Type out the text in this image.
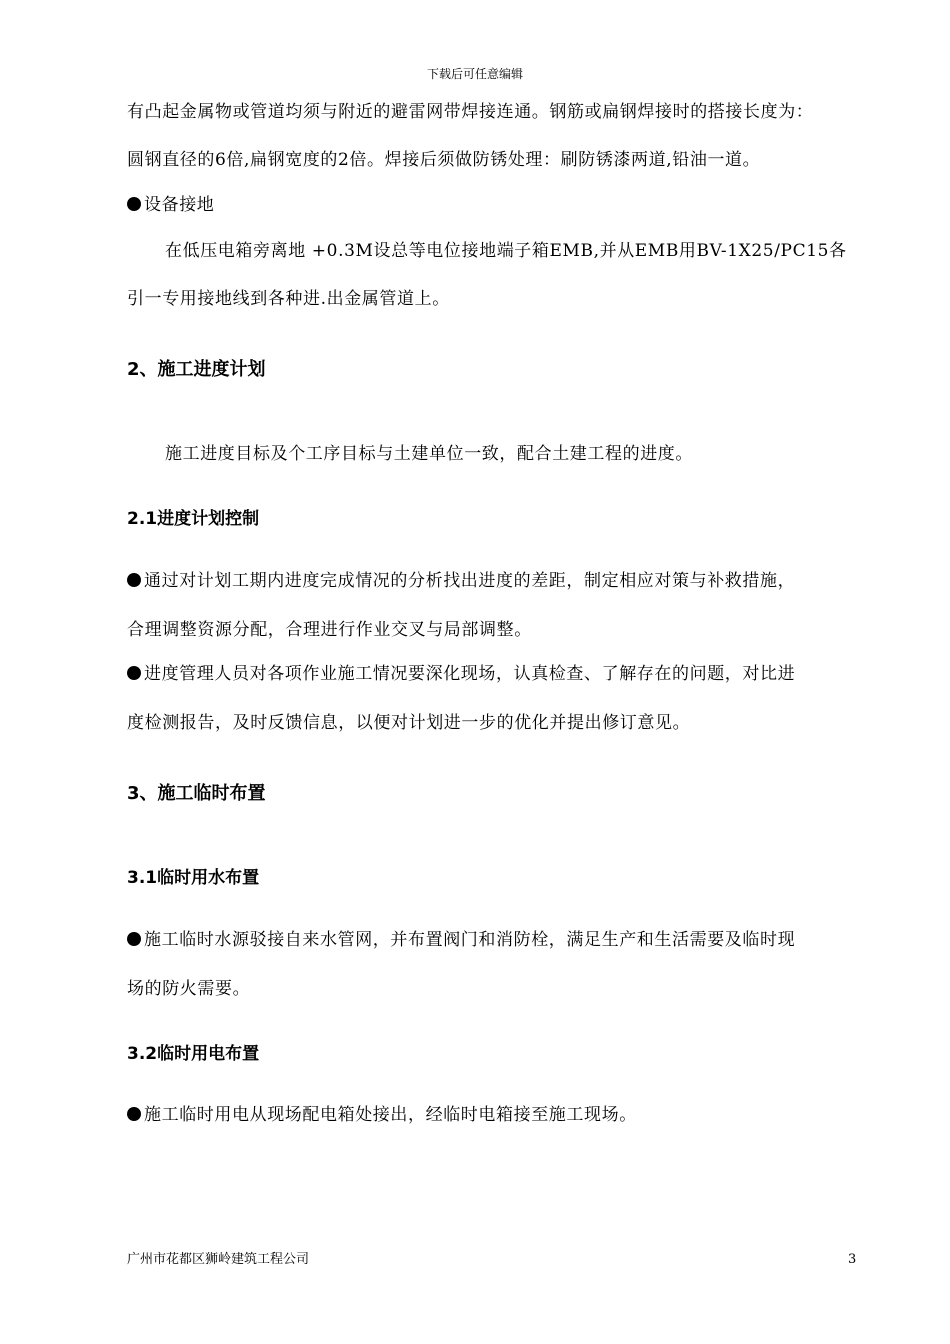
下载后可任意编辑
有凸起金属物或管道均须与附近的避雷网带焊接连通。钢筋或扁钢焊接时的搭接长度为：
圆钢直径的6倍,扁钢宽度的2倍。焊接后须做防锈处理：刷防锈漆两道,铅油一道。
设备接地
在低压电箱旁离地 +0.3M设总等电位接地端子箱EMB,并从EMB用BV-1X25/PC15各
引一专用接地线到各种进.出金属管道上。
2、施工进度计划
施工进度目标及个工序目标与土建单位一致，配合土建工程的进度。
2.1进度计划控制
通过对计划工期内进度完成情况的分析找出进度的差距，制定相应对策与补救措施，
合理调整资源分配，合理进行作业交叉与局部调整。
进度管理人员对各项作业施工情况要深化现场，认真检查、了解存在的问题，对比进
度检测报告，及时反馈信息，以便对计划进一步的优化并提出修订意见。
3、施工临时布置
3.1临时用水布置
施工临时水源驳接自来水管网，并布置阀门和消防栓，满足生产和生活需要及临时现
场的防火需要。
3.2临时用电布置
施工临时用电从现场配电箱处接出，经临时电箱接至施工现场。
广州市花都区狮岭建筑工程公司	3
